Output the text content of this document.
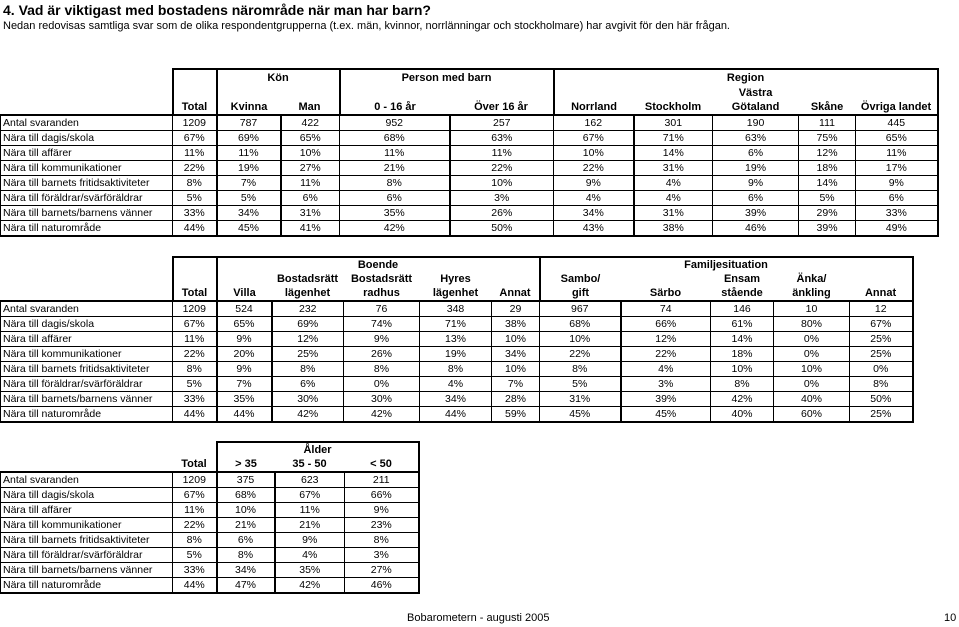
4. Vad är viktigast med bostadens närområde när man har barn?
Nedan redovisas samtliga svar som de olika respondentgrupperna (t.ex. män, kvinnor, norrlänningar och stockholmare) har avgivit för den här frågan.
		Kön		Person med barn		Region				
								Västra		
	Total	Kvinna	Man	0 - 16 år	Över 16 år	Norrland	Stockholm	Götaland	Skåne	Övriga landet
Antal svaranden	1209	787	422	952	257	162	301	190	111	445
Nära till dagis/skola	67%	69%	65%	68%	63%	67%	71%	63%	75%	65%
Nära till affärer	11%	11%	10%	11%	11%	10%	14%	6%	12%	11%
Nära till kommunikationer	22%	19%	27%	21%	22%	22%	31%	19%	18%	17%
Nära till barnets fritidsaktiviteter	8%	7%	11%	8%	10%	9%	4%	9%	14%	9%
Nära till föräldrar/svärföräldrar	5%	5%	6%	6%	3%	4%	4%	6%	5%	6%
Nära till barnets/barnens vänner	33%	34%	31%	35%	26%	34%	31%	39%	29%	33%
Nära till naturområde	44%	45%	41%	42%	50%	43%	38%	46%	39%	49%
		Boende					Familjesituation				
			Bostadsrätt	Bostadsrätt	Hyres		Sambo/		Ensam	Änka/	
	Total	Villa	lägenhet	radhus	lägenhet	Annat	gift	Särbo	stående	änkling	Annat
Antal svaranden	1209	524	232	76	348	29	967	74	146	10	12
Nära till dagis/skola	67%	65%	69%	74%	71%	38%	68%	66%	61%	80%	67%
Nära till affärer	11%	9%	12%	9%	13%	10%	10%	12%	14%	0%	25%
Nära till kommunikationer	22%	20%	25%	26%	19%	34%	22%	22%	18%	0%	25%
Nära till barnets fritidsaktiviteter	8%	9%	8%	8%	8%	10%	8%	4%	10%	10%	0%
Nära till föräldrar/svärföräldrar	5%	7%	6%	0%	4%	7%	5%	3%	8%	0%	8%
Nära till barnets/barnens vänner	33%	35%	30%	30%	34%	28%	31%	39%	42%	40%	50%
Nära till naturområde	44%	44%	42%	42%	44%	59%	45%	45%	40%	60%	25%
		Ålder		
	Total	> 35	35 - 50	< 50
Antal svaranden	1209	375	623	211
Nära till dagis/skola	67%	68%	67%	66%
Nära till affärer	11%	10%	11%	9%
Nära till kommunikationer	22%	21%	21%	23%
Nära till barnets fritidsaktiviteter	8%	6%	9%	8%
Nära till föräldrar/svärföräldrar	5%	8%	4%	3%
Nära till barnets/barnens vänner	33%	34%	35%	27%
Nära till naturområde	44%	47%	42%	46%
Bobarometern - augusti 2005	10
